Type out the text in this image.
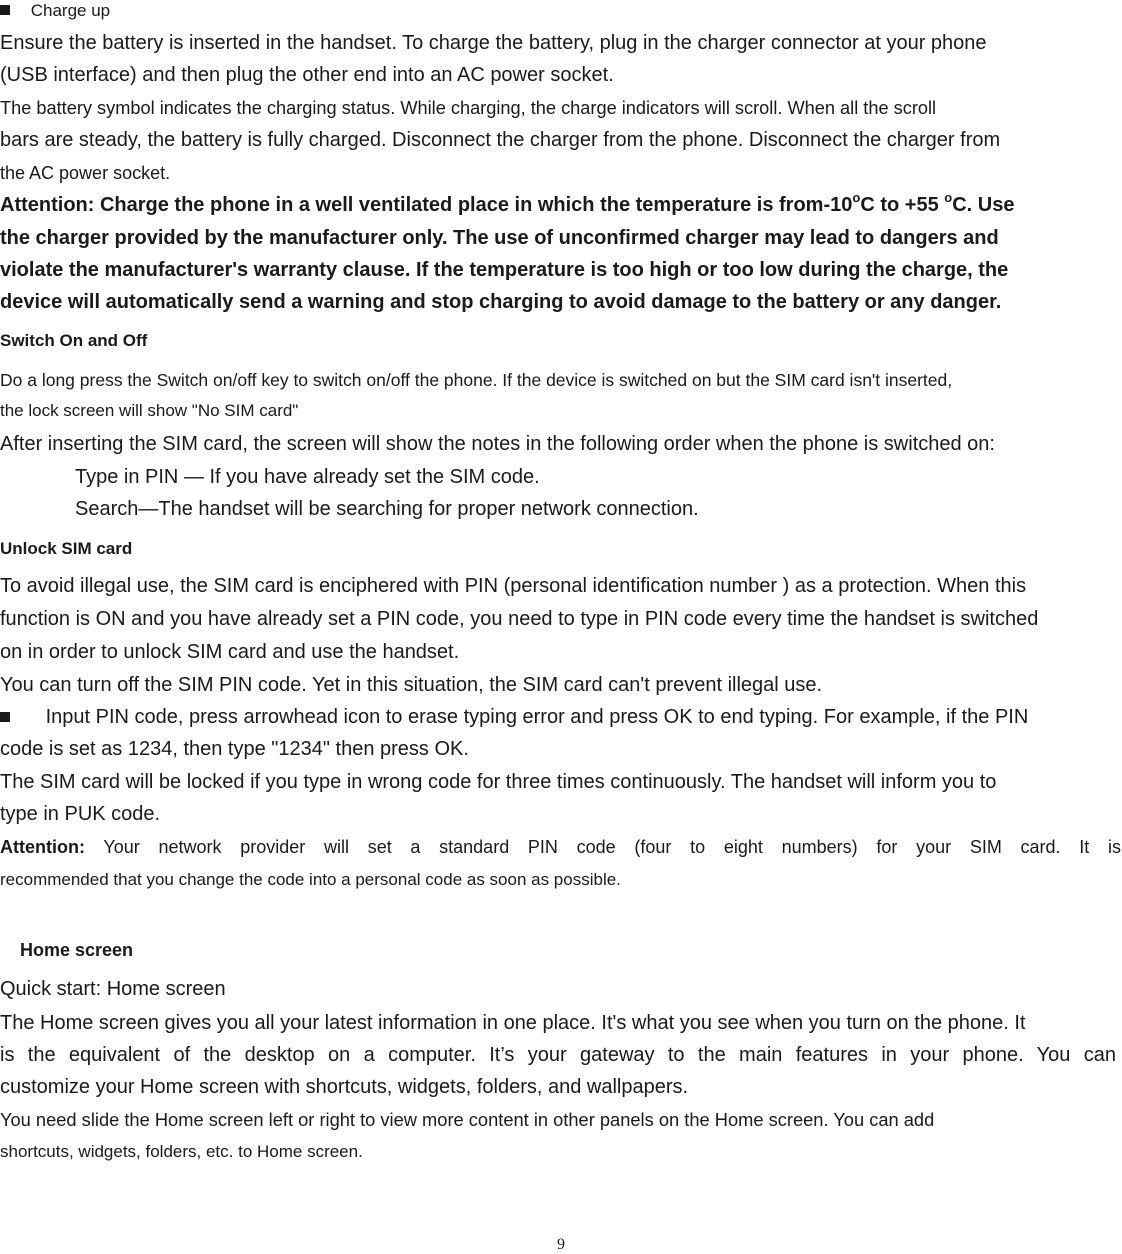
Charge up
Ensure the battery is inserted in the handset. To charge the battery, plug in the charger connector at your phone
(USB interface) and then plug the other end into an AC power socket.
The battery symbol indicates the charging status. While charging, the charge indicators will scroll. When all the scroll
bars are steady, the battery is fully charged. Disconnect the charger from the phone. Disconnect the charger from
the AC power socket.
Attention: Charge the phone in a well ventilated place in which the temperature is from-10$^o$C to +55 $^o$C. Use
the charger provided by the manufacturer only. The use of unconfirmed charger may lead to dangers and
violate the manufacturer's warranty clause. If the temperature is too high or too low during the charge, the
device will automatically send a warning and stop charging to avoid damage to the battery or any danger.
Switch On and Off
Do a long press the Switch on/off key to switch on/off the phone. If the device is switched on but the SIM card isn't inserted,
the lock screen will show "No SIM card"
After inserting the SIM card, the screen will show the notes in the following order when the phone is switched on:
Type in PIN — If you have already set the SIM code.
Search—The handset will be searching for proper network connection.
Unlock SIM card
To avoid illegal use, the SIM card is enciphered with PIN (personal identification number ) as a protection. When this
function is ON and you have already set a PIN code, you need to type in PIN code every time the handset is switched
on in order to unlock SIM card and use the handset.
You can turn off the SIM PIN code. Yet in this situation, the SIM card can't prevent illegal use.
Input PIN code, press arrowhead icon to erase typing error and press OK to end typing. For example, if the PIN
code is set as 1234, then type "1234" then press OK.
The SIM card will be locked if you type in wrong code for three times continuously. The handset will inform you to
type in PUK code.
Attention: Your network provider will set a standard PIN code (four to eight numbers) for your SIM card. It is
recommended that you change the code into a personal code as soon as possible.
Home screen
Quick start: Home screen
The Home screen gives you all your latest information in one place. It's what you see when you turn on the phone. It
is the equivalent of the desktop on a computer. It’s your gateway to the main features in your phone. You can
customize your Home screen with shortcuts, widgets, folders, and wallpapers.
You need slide the Home screen left or right to view more content in other panels on the Home screen. You can add
shortcuts, widgets, folders, etc. to Home screen.
9
